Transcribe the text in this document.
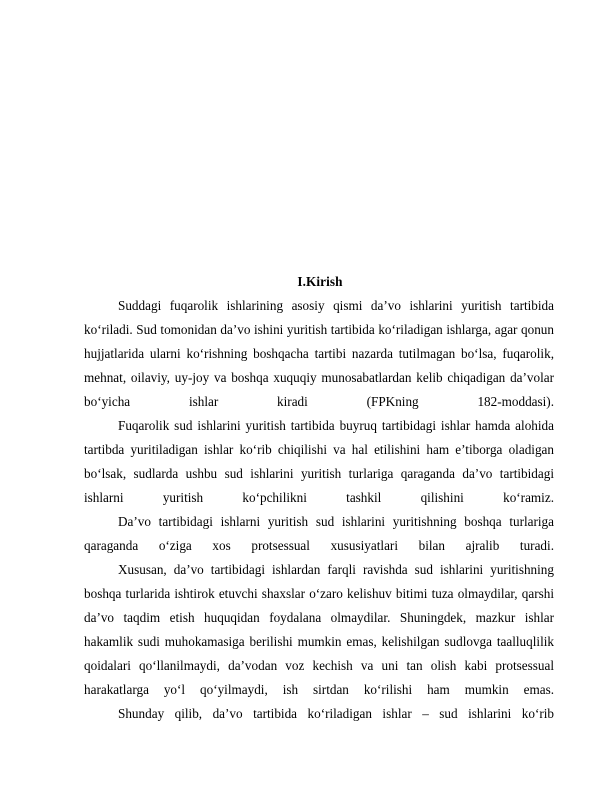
I.Kirish

Suddagi fuqarolik ishlarining asosiy qismi da’vo ishlarini yuritish tartibida ko‘riladi. Sud tomonidan da’vo ishini yuritish tartibida ko‘riladigan ishlarga, agar qonun hujjatlarida ularni ko‘rishning boshqacha tartibi nazarda tutilmagan bo‘lsa, fuqarolik, mehnat, oilaviy, uy-joy va boshqa xuquqiy munosabatlardan kelib chiqadigan da’volar bo‘yicha ishlar kiradi (FPKning 182-moddasi).

Fuqarolik sud ishlarini yuritish tartibida buyruq tartibidagi ishlar hamda alohida tartibda yuritiladigan ishlar ko‘rib chiqilishi va hal etilishini ham e’tiborga oladigan bo‘lsak, sudlarda ushbu sud ishlarini yuritish turlariga qaraganda da’vo tartibidagi ishlarni yuritish ko‘pchilikni tashkil qilishini ko‘ramiz.

Da’vo tartibidagi ishlarni yuritish sud ishlarini yuritishning boshqa turlariga qaraganda o‘ziga xos protsessual xususiyatlari bilan ajralib turadi.

Xususan, da’vo tartibidagi ishlardan farqli ravishda sud ishlarini yuritishning boshqa turlarida ishtirok etuvchi shaxslar o‘zaro kelishuv bitimi tuza olmaydilar, qarshi da’vo taqdim etish huquqidan foydalana olmaydilar. Shuningdek, mazkur ishlar hakamlik sudi muhokamasiga berilishi mumkin emas, kelishilgan sudlovga taalluqlilik qoidalari qo‘llanilmaydi, da’vodan voz kechish va uni tan olish kabi protsessual harakatlarga yo‘l qo‘yilmaydi, ish sirtdan ko‘rilishi ham mumkin emas.

Shunday qilib, da’vo tartibida ko‘riladigan ishlar – sud ishlarini ko‘rib
